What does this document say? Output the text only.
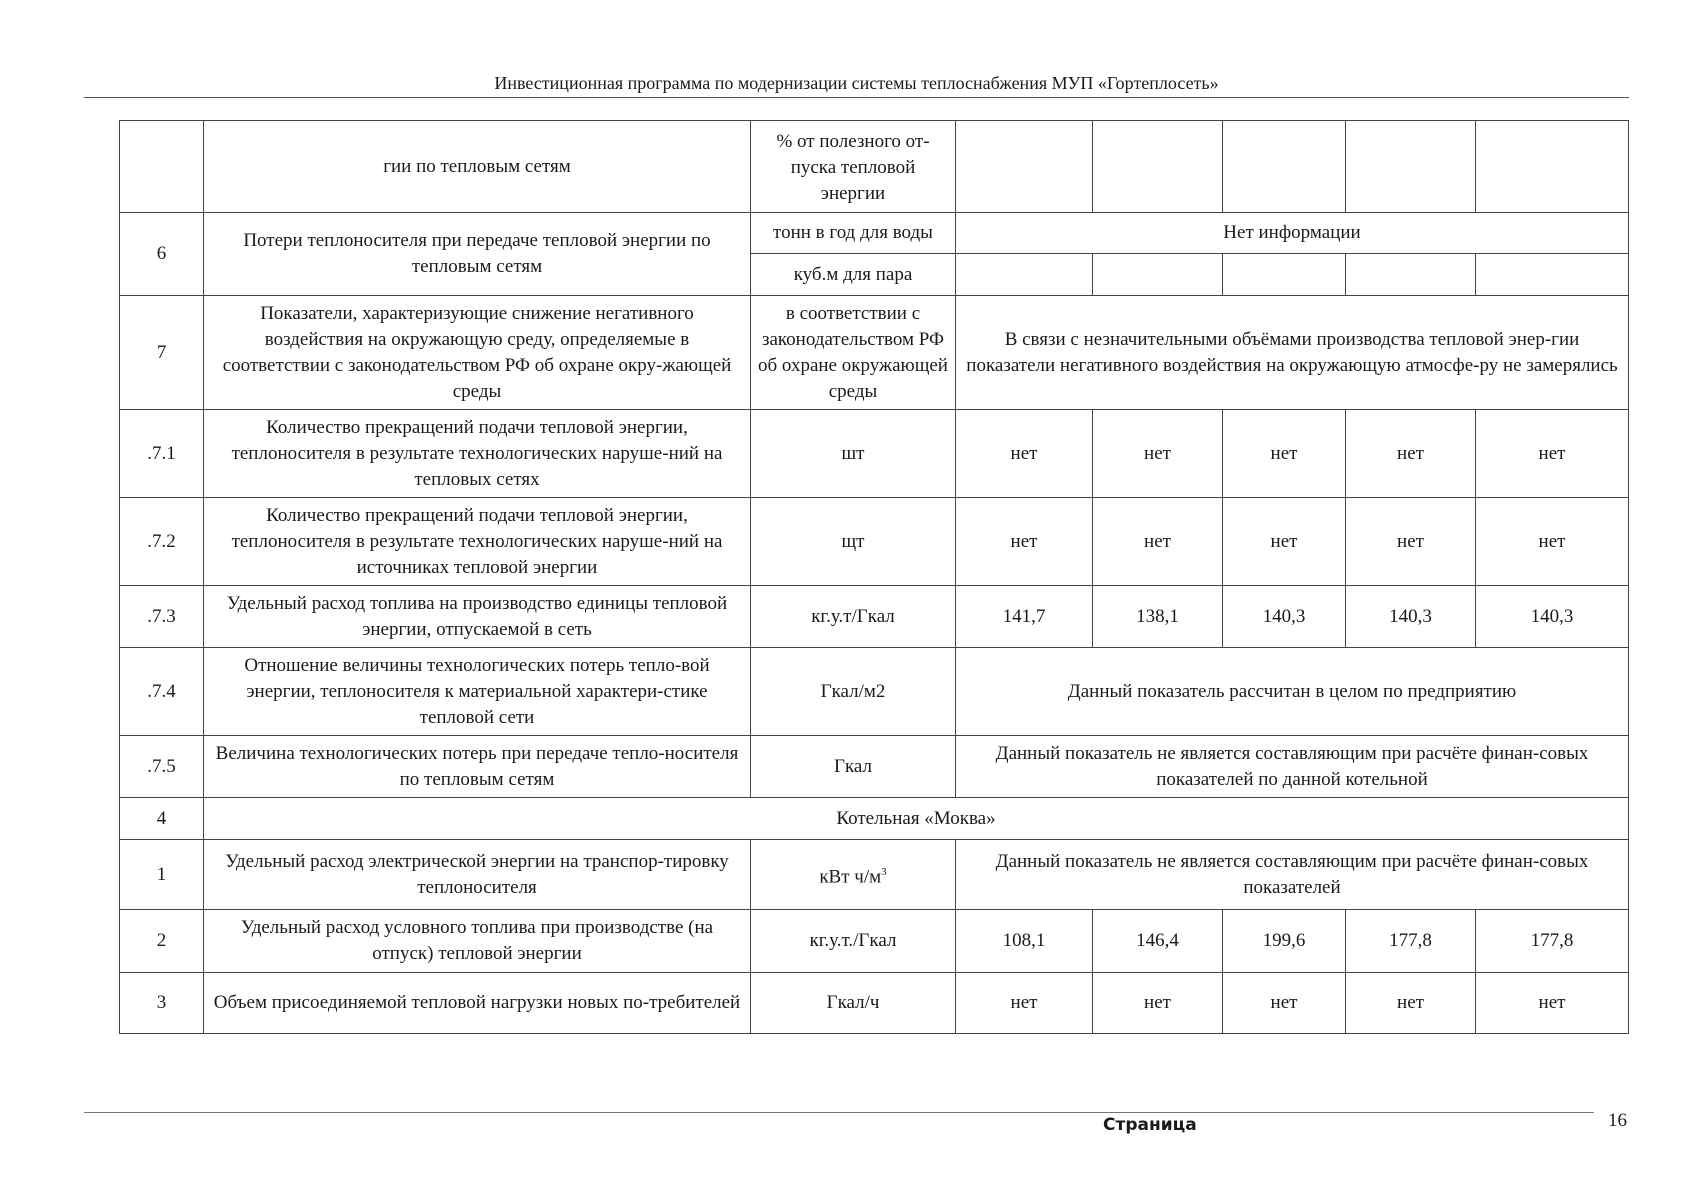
Инвестиционная программа по модернизации системы теплоснабжения МУП «Гортеплосеть»
	гии по тепловым сетям	% от полезного от-пуска тепловой энергии					
6	Потери теплоносителя при передаче тепловой энергии по тепловым сетям	тонн в год для воды	Нет информации				
		куб.м для пара					
7	Показатели, характеризующие снижение негативного воздействия на окружающую среду, определяемые в соответствии с законодательством РФ об охране окру-жающей среды	в соответствии с законодательством РФ об охране окружающей среды	В связи с незначительными объёмами производства тепловой энер-гии показатели негативного воздействия на окружающую атмосфе-ру не замерялись				
.7.1	Количество прекращений подачи тепловой энергии, теплоносителя в результате технологических наруше-ний на тепловых сетях	шт	нет	нет	нет	нет	нет
.7.2	Количество прекращений подачи тепловой энергии, теплоносителя в результате технологических наруше-ний на источниках тепловой энергии	щт	нет	нет	нет	нет	нет
.7.3	Удельный расход топлива на производство единицы тепловой энергии, отпускаемой в сеть	кг.у.т/Гкал	141,7	138,1	140,3	140,3	140,3
.7.4	Отношение величины технологических потерь тепло-вой энергии, теплоносителя к материальной характери-стике тепловой сети	Гкал/м2	Данный показатель рассчитан в целом по предприятию				
.7.5	Величина технологических потерь при передаче тепло-носителя по тепловым сетям	Гкал	Данный показатель не является составляющим при расчёте финан-совых показателей по данной котельной				
4	Котельная «Моква»						
1	Удельный расход электрической энергии на транспор-тировку теплоносителя	кВт $ч/м^3$	Данный показатель не является составляющим при расчёте финан-совых показателей				
2	Удельный расход условного топлива при производстве (на отпуск) тепловой энергии	кг.у.т./Гкал	108,1	146,4	199,6	177,8	177,8
3	Объем присоединяемой тепловой нагрузки новых по-требителей	Гкал/ч	нет	нет	нет	нет	нет
Страница	16
